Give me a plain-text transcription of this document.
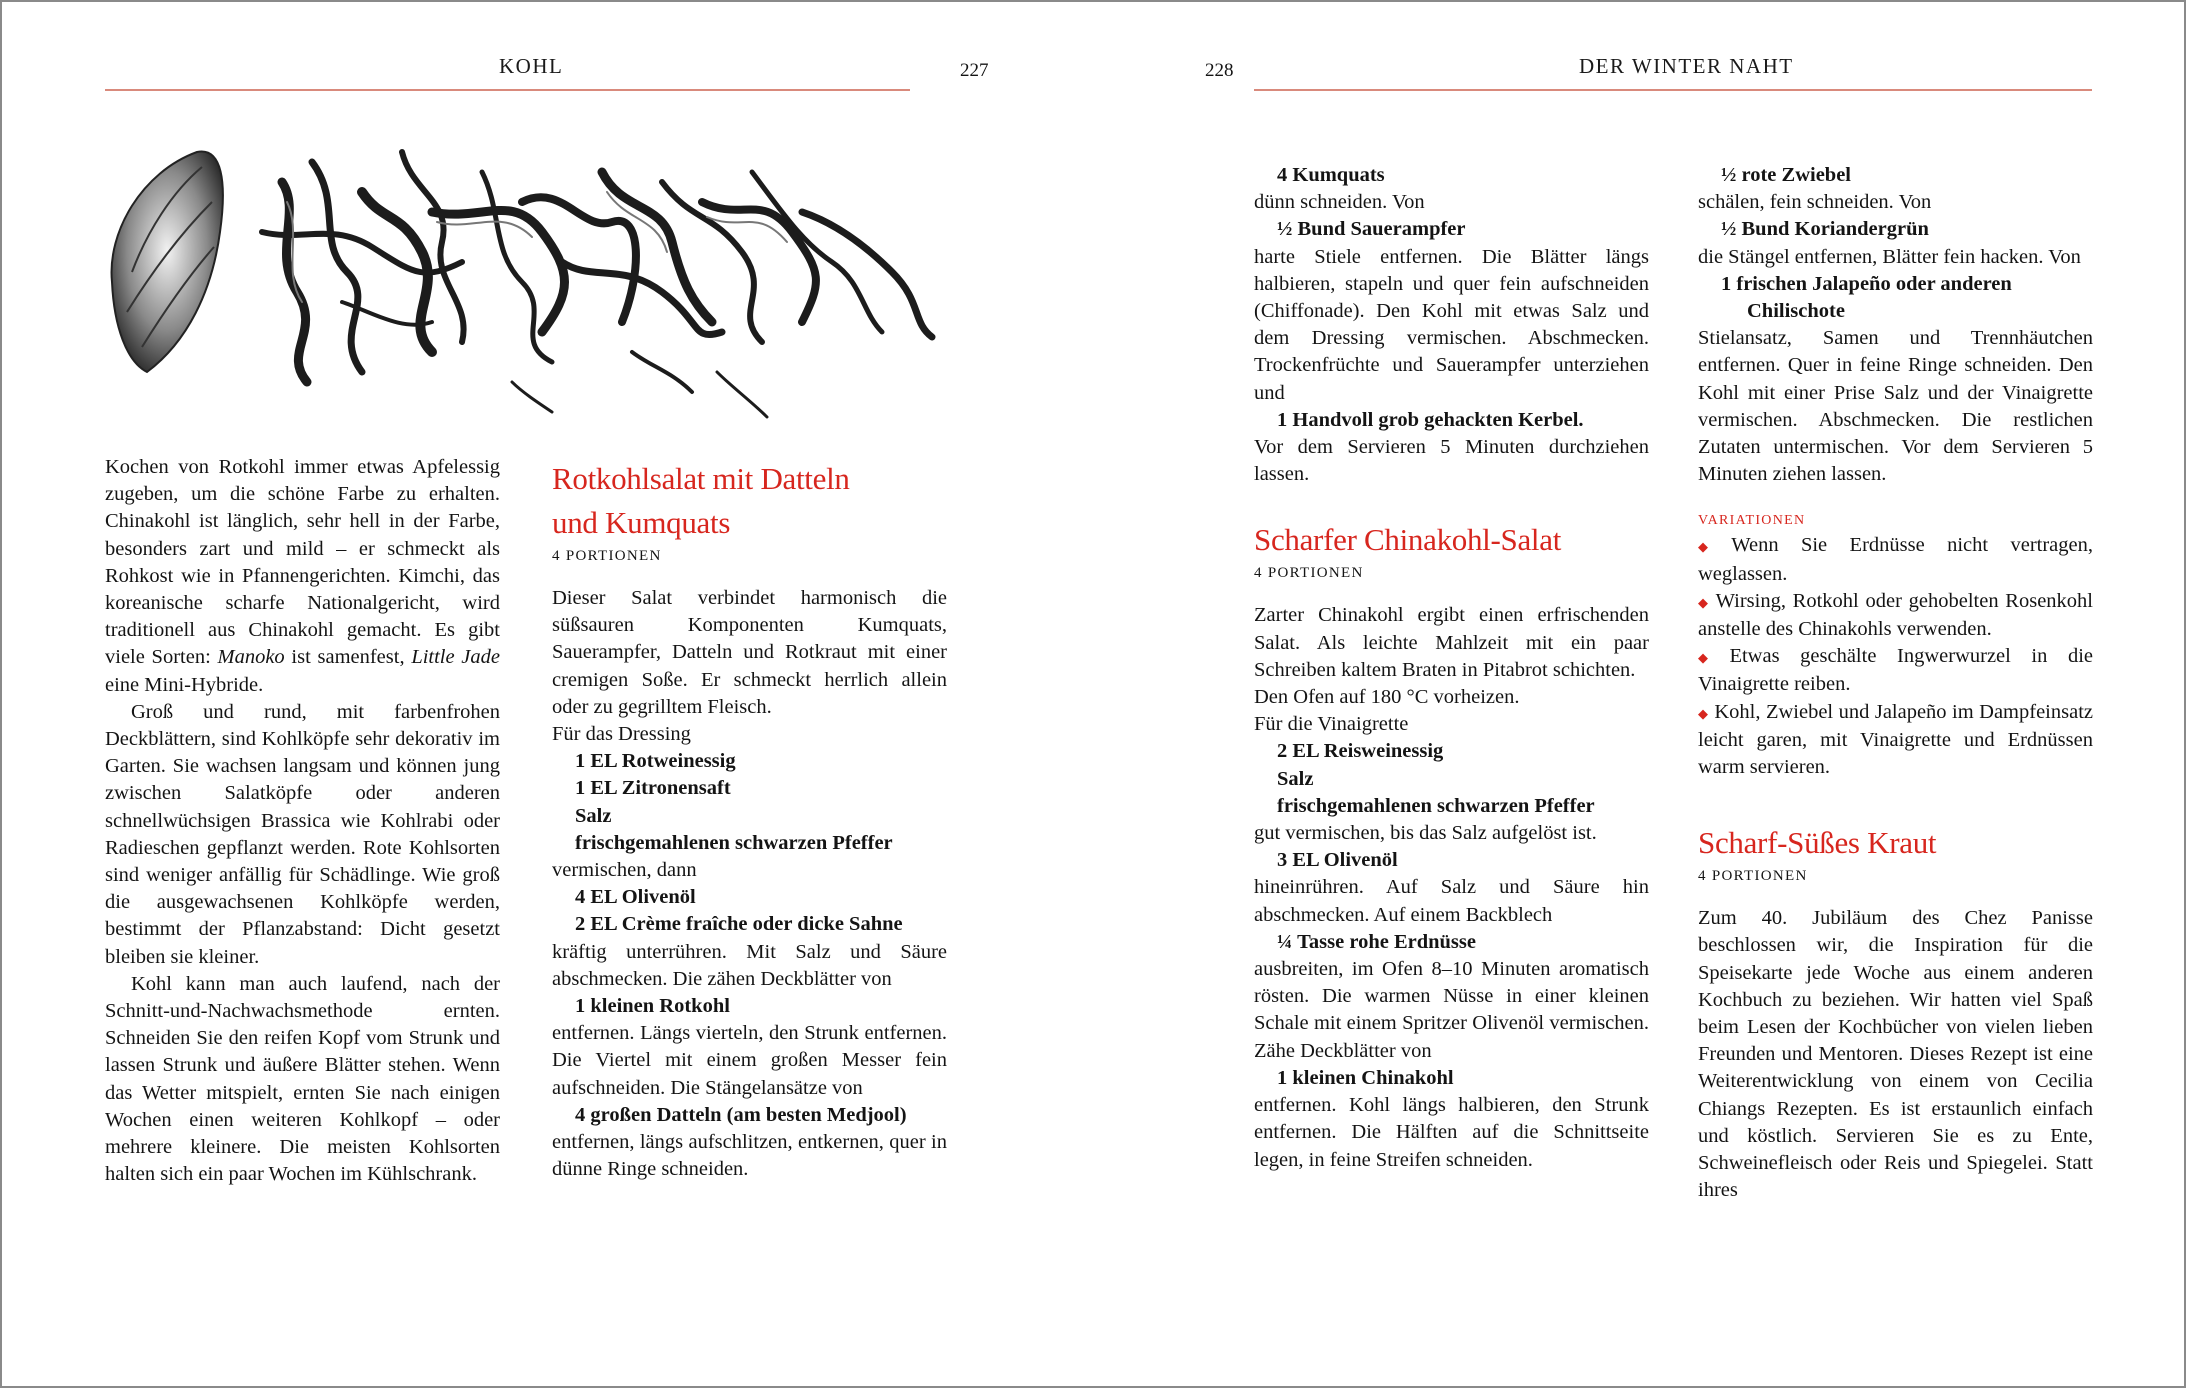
KOHL	227	228	DER WINTER NAHT

Kochen von Rotkohl immer etwas Apfelessig zugeben, um die schöne Farbe zu erhalten. Chinakohl ist länglich, sehr hell in der Farbe, besonders zart und mild – er schmeckt als Rohkost wie in Pfannengerichten. Kimchi, das koreanische scharfe Nationalgericht, wird traditionell aus Chinakohl gemacht. Es gibt viele Sorten: Manoko ist samenfest, Little Jade eine Mini-Hybride.

Groß und rund, mit farbenfrohen Deckblättern, sind Kohlköpfe sehr dekorativ im Garten. Sie wachsen langsam und können jung zwischen Salatköpfe oder anderen schnellwüchsigen Brassica wie Kohlrabi oder Radieschen gepflanzt werden. Rote Kohlsorten sind weniger anfällig für Schädlinge. Wie groß die ausgewachsenen Kohlköpfe werden, bestimmt der Pflanzabstand: Dicht gesetzt bleiben sie kleiner.

Kohl kann man auch laufend, nach der Schnitt-und-Nachwachsmethode ernten. Schneiden Sie den reifen Kopf vom Strunk und lassen Strunk und äußere Blätter stehen. Wenn das Wetter mitspielt, ernten Sie nach einigen Wochen einen weiteren Kohlkopf – oder mehrere kleinere. Die meisten Kohlsorten halten sich ein paar Wochen im Kühlschrank.

Rotkohlsalat mit Datteln
und Kumquats

4 PORTIONEN

Dieser Salat verbindet harmonisch die süßsauren Komponenten Kumquats, Sauerampfer, Datteln und Rotkraut mit einer cremigen Soße. Er schmeckt herrlich allein oder zu gegrilltem Fleisch.

Für das Dressing

1 EL Rotweinessig

1 EL Zitronensaft

Salz

frischgemahlenen schwarzen Pfeffer

vermischen, dann

4 EL Olivenöl

2 EL Crème fraîche oder dicke Sahne

kräftig unterrühren. Mit Salz und Säure abschmecken. Die zähen Deckblätter von

1 kleinen Rotkohl

entfernen. Längs vierteln, den Strunk entfernen. Die Viertel mit einem großen Messer fein aufschneiden. Die Stängelansätze von

4 großen Datteln (am besten Medjool)

entfernen, längs aufschlitzen, entkernen, quer in dünne Ringe schneiden.

4 Kumquats

dünn schneiden. Von

½ Bund Sauerampfer

harte Stiele entfernen. Die Blätter längs halbieren, stapeln und quer fein aufschneiden (Chiffonade). Den Kohl mit etwas Salz und dem Dressing vermischen. Abschmecken. Trockenfrüchte und Sauerampfer unterziehen und

1 Handvoll grob gehackten Kerbel.

Vor dem Servieren 5 Minuten durchziehen lassen.

Scharfer Chinakohl-Salat

4 PORTIONEN

Zarter Chinakohl ergibt einen erfrischenden Salat. Als leichte Mahlzeit mit ein paar Schreiben kaltem Braten in Pitabrot schichten.

Den Ofen auf 180 °C vorheizen.

Für die Vinaigrette

2 EL Reisweinessig

Salz

frischgemahlenen schwarzen Pfeffer

gut vermischen, bis das Salz aufgelöst ist.

3 EL Olivenöl

hineinrühren. Auf Salz und Säure hin abschmecken. Auf einem Backblech

¼ Tasse rohe Erdnüsse

ausbreiten, im Ofen 8–10 Minuten aromatisch rösten. Die warmen Nüsse in einer kleinen Schale mit einem Spritzer Olivenöl vermischen. Zähe Deckblätter von

1 kleinen Chinakohl

entfernen. Kohl längs halbieren, den Strunk entfernen. Die Hälften auf die Schnittseite legen, in feine Streifen schneiden.

½ rote Zwiebel

schälen, fein schneiden. Von

½ Bund Koriandergrün

die Stängel entfernen, Blätter fein hacken. Von

1 frischen Jalapeño oder anderen

Chilischote

Stielansatz, Samen und Trennhäutchen entfernen. Quer in feine Ringe schneiden. Den Kohl mit einer Prise Salz und der Vinaigrette vermischen. Abschmecken. Die restlichen Zutaten untermischen. Vor dem Servieren 5 Minuten ziehen lassen.

VARIATIONEN

◆ Wenn Sie Erdnüsse nicht vertragen, weglassen.

◆ Wirsing, Rotkohl oder gehobelten Rosenkohl anstelle des Chinakohls verwenden.

◆ Etwas geschälte Ingwerwurzel in die Vinaigrette reiben.

◆ Kohl, Zwiebel und Jalapeño im Dampfeinsatz leicht garen, mit Vinaigrette und Erdnüssen warm servieren.

Scharf-Süßes Kraut

4 PORTIONEN

Zum 40. Jubiläum des Chez Panisse beschlossen wir, die Inspiration für die Speisekarte jede Woche aus einem anderen Kochbuch zu beziehen. Wir hatten viel Spaß beim Lesen der Kochbücher von vielen lieben Freunden und Mentoren. Dieses Rezept ist eine Weiterentwicklung von einem von Cecilia Chiangs Rezepten. Es ist erstaunlich einfach und köstlich. Servieren Sie es zu Ente, Schweinefleisch oder Reis und Spiegelei. Statt ihres
